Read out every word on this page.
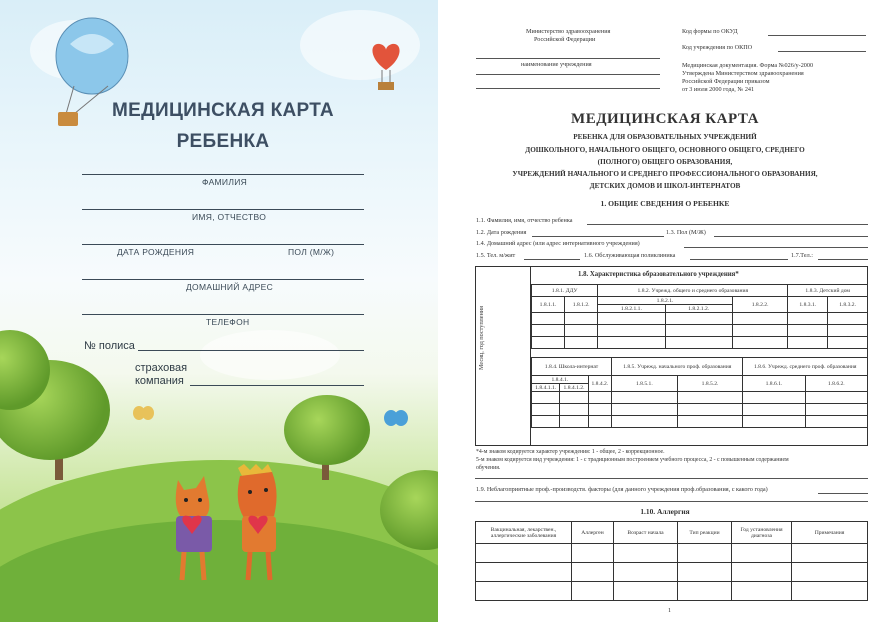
МЕДИЦИНСКАЯ КАРТА
РЕБЕНКА
ФАМИЛИЯ
ИМЯ, ОТЧЕСТВО
ДАТА РОЖДЕНИЯ	ПОЛ (М/Ж)
ДОМАШНИЙ АДРЕС
ТЕЛЕФОН
№ полиса
страховая
компания
Министерство здравоохранения
Российской Федерации
наименование учреждения
Код формы по ОКУД
Код учреждения по ОКПО
Медицинская документация. Форма №026/у-2000
Утверждена Министерством здравоохранения
Российской Федерации приказом
от 3 июля 2000 года, № 241
МЕДИЦИНСКАЯ КАРТА
РЕБЕНКА ДЛЯ ОБРАЗОВАТЕЛЬНЫХ УЧРЕЖДЕНИЙ
ДОШКОЛЬНОГО, НАЧАЛЬНОГО ОБЩЕГО, ОСНОВНОГО ОБЩЕГО, СРЕДНЕГО
(ПОЛНОГО) ОБЩЕГО ОБРАЗОВАНИЯ,
УЧРЕЖДЕНИЙ НАЧАЛЬНОГО И СРЕДНЕГО ПРОФЕССИОНАЛЬНОГО ОБРАЗОВАНИЯ,
ДЕТСКИХ ДОМОВ И ШКОЛ-ИНТЕРНАТОВ
1. ОБЩИЕ СВЕДЕНИЯ О РЕБЕНКЕ
1.1. Фамилия, имя, отчество ребенка
1.2. Дата рождения	1.3. Пол (М/Ж)
1.4. Домашний адрес (или адрес интернативного учреждения)
1.5. Тел. м/жит	1.6. Обслуживающая поликлиника	1.7.Тел.:
Месяц, год поступления
1.8. Характеристика образовательного учреждения*
1.8.1. ДДУ		1.8.2. Учрежд. общего и среднего образования			1.8.3. Детский дом	
1.8.1.1.	1.8.1.2.	1.8.2.1.		1.8.2.2.	1.8.3.1.	1.8.3.2.
		1.8.2.1.1.	1.8.2.1.2.			

1.8.4. Школа-интернат			1.8.5. Учрежд. начального проф. образования		1.8.6. Учрежд. среднего проф. образования	
1.8.4.1.		1.8.4.2.	1.8.5.1.	1.8.5.2.	1.8.6.1.	1.8.6.2.
1.8.4.1.1.	1.8.4.1.2.					

*4-м знаком кодируется характер учреждения: 1 - общее, 2 - коррекционное.
5-м знаком кодируется вид учреждения: 1 - с традиционным построением учебного процесса, 2 - с повышенным содержанием
обучения.
1.9. Неблагоприятные проф.-производств. факторы (для данного учреждения проф.образования, с какого года)
1.10. Аллергия
Вакцинальная, лекарствен., аллергические заболевания	Аллерген	Возраст начала	Тип реакции	Год установления диагноза	Примечания

1
